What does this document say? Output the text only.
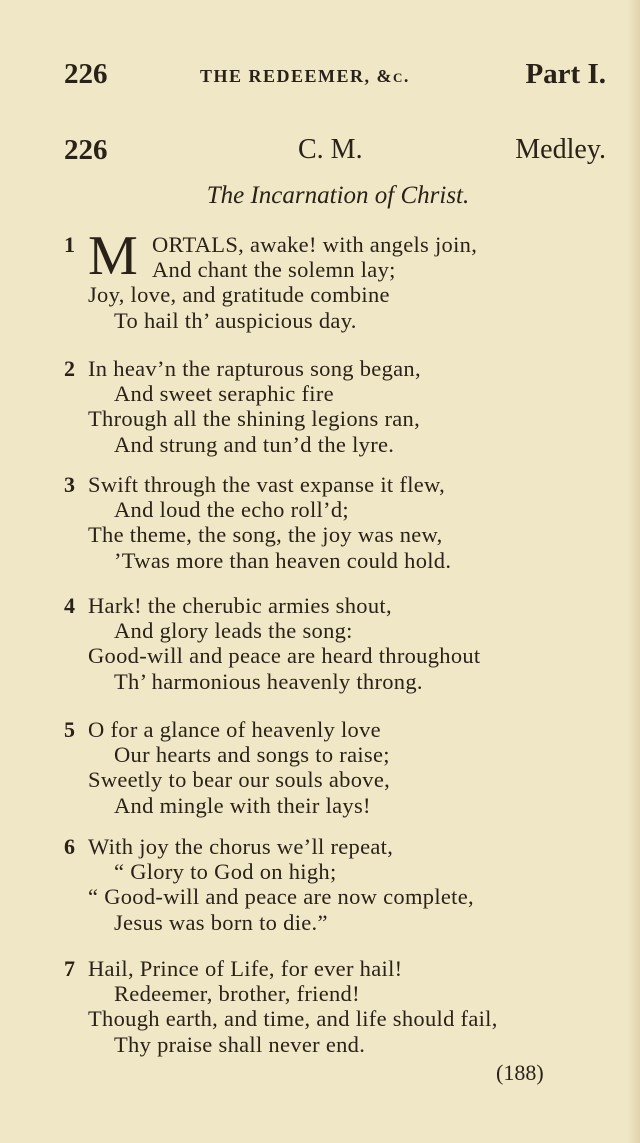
226	THE REDEEMER, &c.	Part I.
226	C. M.	Medley.
The Incarnation of Christ.
1 M ORTALS, awake! with angels join,
And chant the solemn lay;
Joy, love, and gratitude combine
To hail th’ auspicious day.
2 In heav’n the rapturous song began,
And sweet seraphic fire
Through all the shining legions ran,
And strung and tun’d the lyre.
3 Swift through the vast expanse it flew,
And loud the echo roll’d;
The theme, the song, the joy was new,
’Twas more than heaven could hold.
4 Hark! the cherubic armies shout,
And glory leads the song:
Good-will and peace are heard throughout
Th’ harmonious heavenly throng.
5 O for a glance of heavenly love
Our hearts and songs to raise;
Sweetly to bear our souls above,
And mingle with their lays!
6 With joy the chorus we’ll repeat,
“ Glory to God on high;
“ Good-will and peace are now complete,
Jesus was born to die.”
7 Hail, Prince of Life, for ever hail!
Redeemer, brother, friend!
Though earth, and time, and life should fail,
Thy praise shall never end.
(188)
